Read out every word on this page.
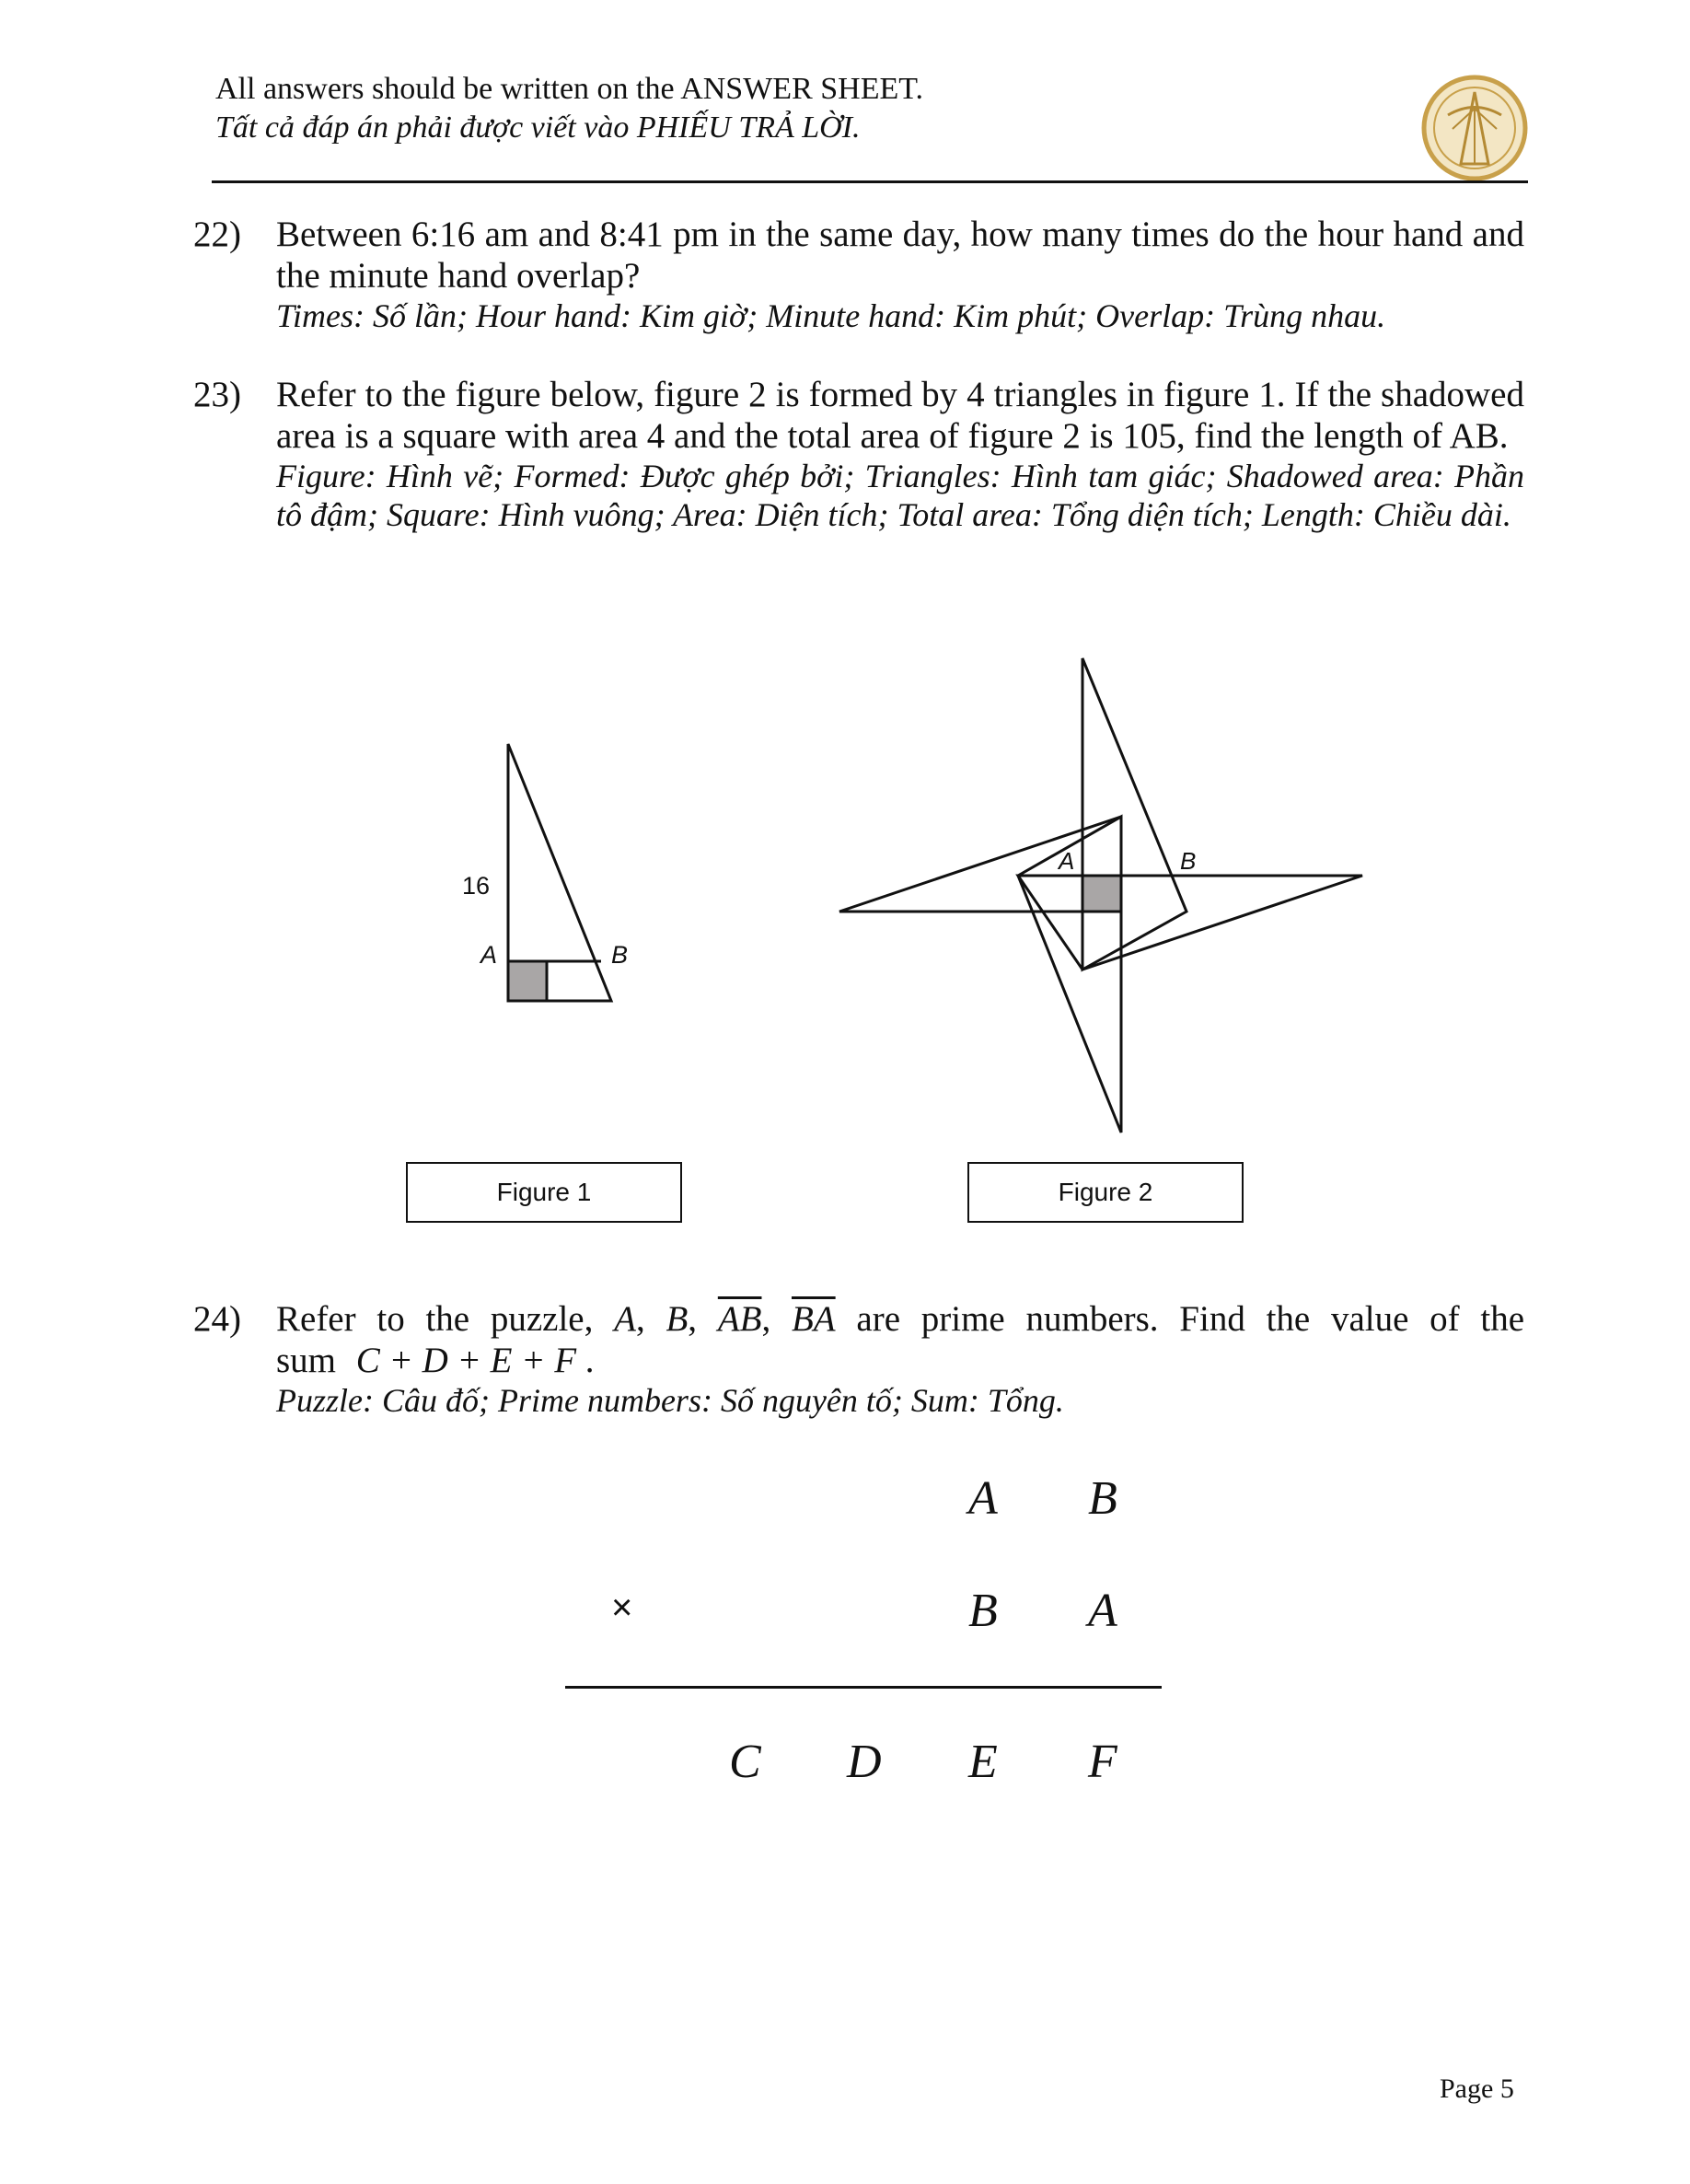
All answers should be written on the ANSWER SHEET.
Tất cả đáp án phải được viết vào PHIẾU TRẢ LỜI.
22) Between 6:16 am and 8:41 pm in the same day, how many times do the hour hand and the minute hand overlap?
Times: Số lần; Hour hand: Kim giờ; Minute hand: Kim phút; Overlap: Trùng nhau.
23) Refer to the figure below, figure 2 is formed by 4 triangles in figure 1. If the shadowed area is a square with area 4 and the total area of figure 2 is 105, find the length of AB.
Figure: Hình vẽ; Formed: Được ghép bởi; Triangles: Hình tam giác; Shadowed area: Phần tô đậm; Square: Hình vuông; Area: Diện tích; Total area: Tổng diện tích; Length: Chiều dài.
16
A	B
A	B
Figure 1	Figure 2
24) Refer to the puzzle, A, B, $\overline{AB}$, $\overline{BA}$ are prime numbers. Find the value of the
sum C + D + E + F .
Puzzle: Câu đố; Prime numbers: Số nguyên tố; Sum: Tổng.
A B
×	B A
C D E F
Page 5
